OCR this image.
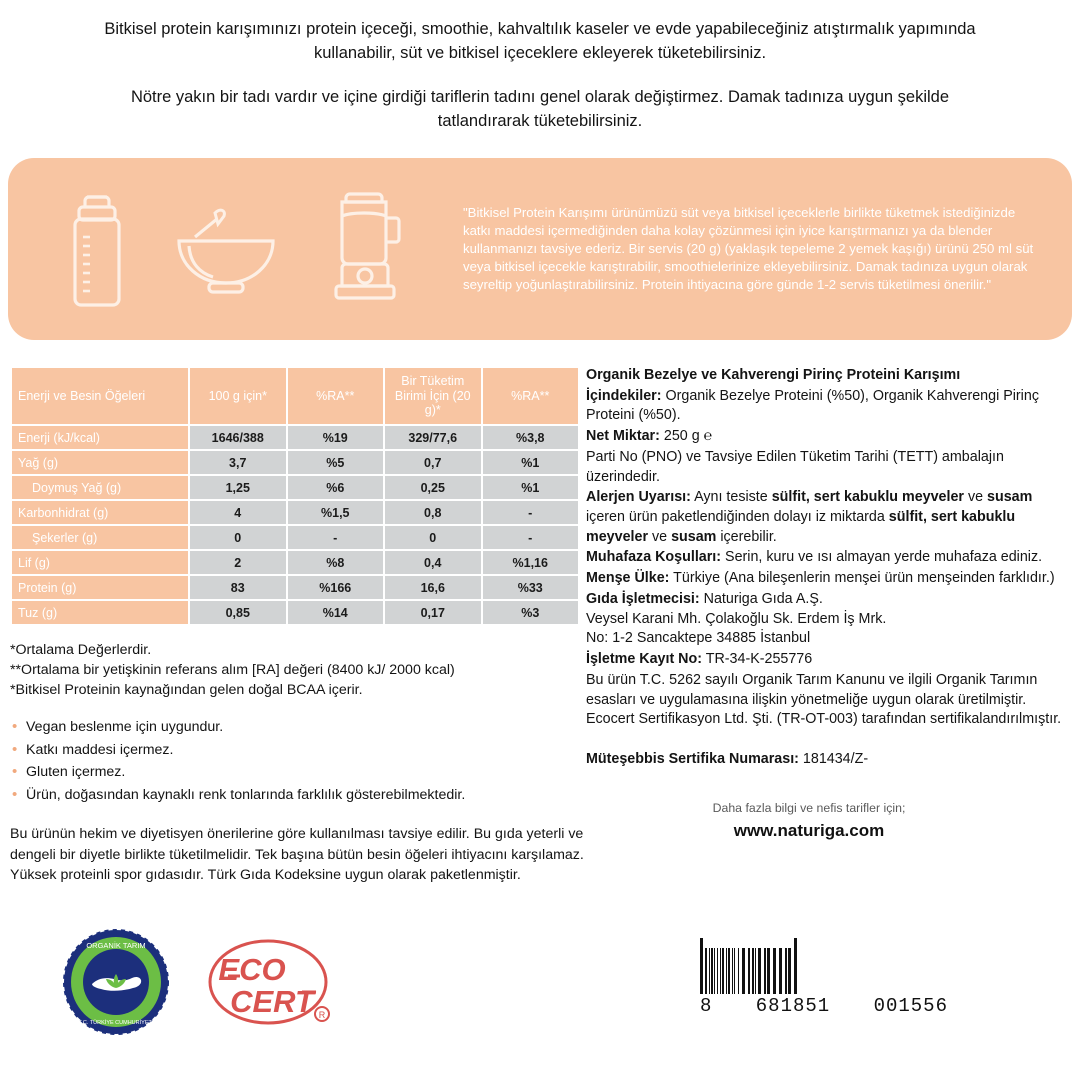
Bitkisel protein karışımınızı protein içeceği, smoothie, kahvaltılık kaseler ve evde yapabileceğiniz atıştırmalık yapımında kullanabilir, süt ve bitkisel içeceklere ekleyerek tüketebilirsiniz.

Nötre yakın bir tadı vardır ve içine girdiği tariflerin tadını genel olarak değiştirmez. Damak tadınıza uygun şekilde tatlandırarak tüketebilirsiniz.

"Bitkisel Protein Karışımı ürünümüzü süt veya bitkisel içeceklerle birlikte tüketmek istediğinizde katkı maddesi içermediğinden daha kolay çözünmesi için iyice karıştırmanızı ya da blender kullanmanızı tavsiye ederiz. Bir servis (20 g) (yaklaşık tepeleme 2 yemek kaşığı) ürünü 250 ml süt veya bitkisel içecekle karıştırabilir, smoothielerinize ekleyebilirsiniz. Damak tadınıza uygun olarak seyreltip yoğunlaştırabilirsiniz. Protein ihtiyacına göre günde 1-2 servis tüketilmesi önerilir."
Enerji ve Besin Öğeleri	100 g için*	%RA**	Bir Tüketim Birimi İçin (20 g)*	%RA**
Enerji (kJ/kcal)	1646/388	%19	329/77,6	%3,8
Yağ (g)	3,7	%5	0,7	%1
Doymuş Yağ (g)	1,25	%6	0,25	%1
Karbonhidrat (g)	4	%1,5	0,8	-
Şekerler (g)	0	-	0	-
Lif (g)	2	%8	0,4	%1,16
Protein (g)	83	%166	16,6	%33
Tuz (g)	0,85	%14	0,17	%3
*Ortalama Değerlerdir.
**Ortalama bir yetişkinin referans alım [RA] değeri (8400 kJ/ 2000 kcal)
*Bitkisel Proteinin kaynağından gelen doğal BCAA içerir.
• Vegan beslenme için uygundur.
• Katkı maddesi içermez.
• Gluten içermez.
• Ürün, doğasından kaynaklı renk tonlarında farklılık gösterebilmektedir.
Bu ürünün hekim ve diyetisyen önerilerine göre kullanılması tavsiye edilir. Bu gıda yeterli ve dengeli bir diyetle birlikte tüketilmelidir. Tek başına bütün besin öğeleri ihtiyacını karşılamaz. Yüksek proteinli spor gıdasıdır. Türk Gıda Kodeksine uygun olarak paketlenmiştir.
Organik Bezelye ve Kahverengi Pirinç Proteini Karışımı
İçindekiler: Organik Bezelye Proteini (%50), Organik Kahverengi Pirinç Proteini (%50).
Net Miktar: 250 g ℮
Parti No (PNO) ve Tavsiye Edilen Tüketim Tarihi (TETT) ambalajın üzerindedir.
Alerjen Uyarısı: Aynı tesiste sülfit, sert kabuklu meyveler ve susam içeren ürün paketlendiğinden dolayı iz miktarda sülfit, sert kabuklu meyveler ve susam içerebilir.
Muhafaza Koşulları: Serin, kuru ve ısı almayan yerde muhafaza ediniz.
Menşe Ülke: Türkiye (Ana bileşenlerin menşei ürün menşeinden farklıdır.)
Gıda İşletmecisi: Naturiga Gıda A.Ş.
Veysel Karani Mh. Çolakoğlu Sk. Erdem İş Mrk.
No: 1-2 Sancaktepe 34885 İstanbul
İşletme Kayıt No: TR-34-K-255776
Bu ürün T.C. 5262 sayılı Organik Tarım Kanunu ve ilgili Organik Tarımın esasları ve uygulamasına ilişkin yönetmeliğe uygun olarak üretilmiştir. Ecocert Sertifikasyon Ltd. Şti. (TR-OT-003) tarafından sertifikalandırılmıştır.
Müteşebbis Sertifika Numarası: 181434/Z-
Daha fazla bilgi ve nefis tarifler için;
www.naturiga.com
ORGANİK TARIM
T.C. TÜRKİYE CUMHURİYETİ
ECO
CERT R	8 681851 001556
